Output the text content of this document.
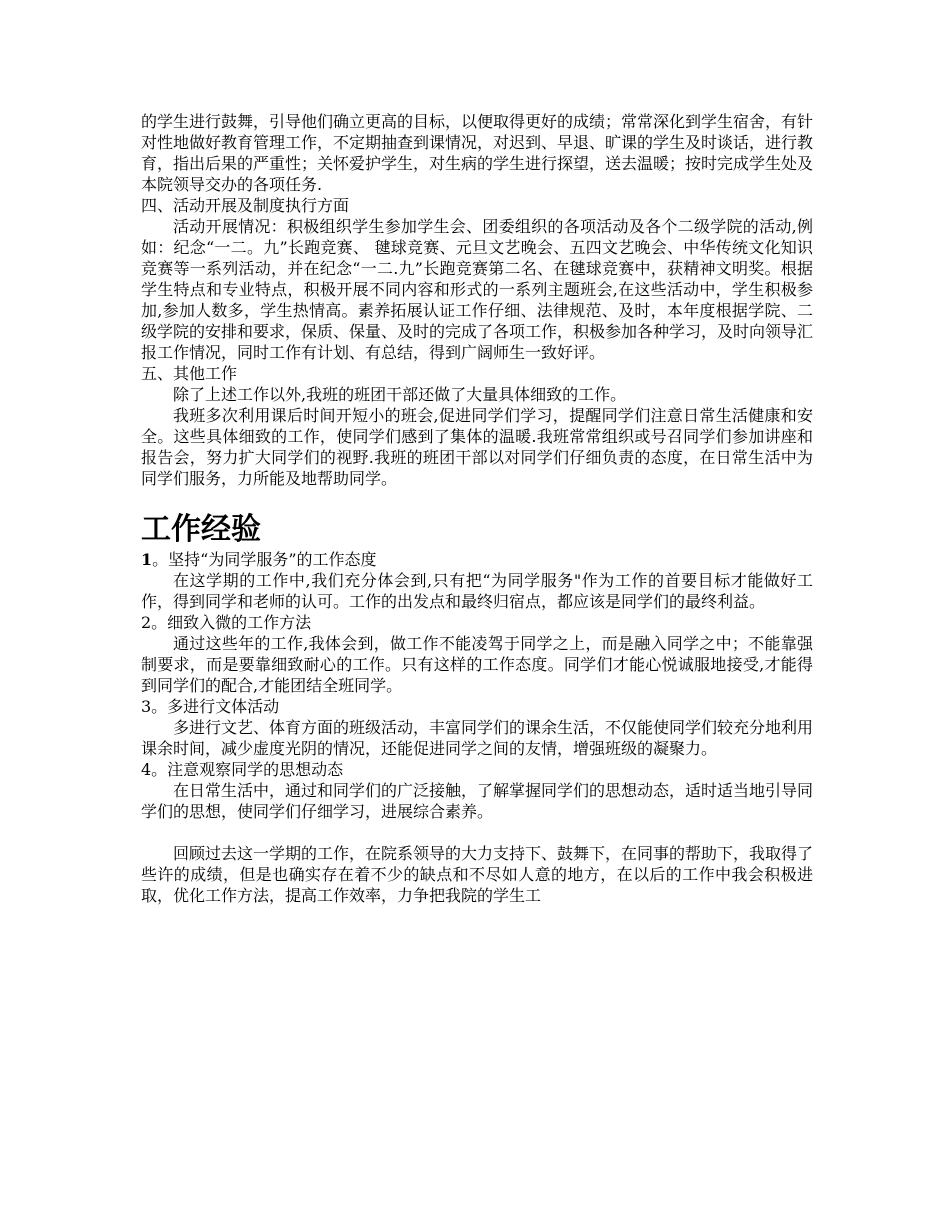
的学生进行鼓舞，引导他们确立更高的目标，以便取得更好的成绩；常常深化到学生宿舍，有针对性地做好教育管理工作，不定期抽查到课情况，对迟到、早退、旷课的学生及时谈话，进行教育，指出后果的严重性；关怀爱护学生，对生病的学生进行探望，送去温暖；按时完成学生处及本院领导交办的各项任务.

四、活动开展及制度执行方面

活动开展情况：积极组织学生参加学生会、团委组织的各项活动及各个二级学院的活动,例如：纪念“一二。九”长跑竞赛、 毽球竞赛、元旦文艺晚会、五四文艺晚会、中华传统文化知识竞赛等一系列活动，并在纪念“一二.九”长跑竞赛第二名、在毽球竞赛中，获精神文明奖。根据学生特点和专业特点，积极开展不同内容和形式的一系列主题班会,在这些活动中，学生积极参加,参加人数多，学生热情高。素养拓展认证工作仔细、法律规范、及时，本年度根据学院、二级学院的安排和要求，保质、保量、及时的完成了各项工作，积极参加各种学习，及时向领导汇报工作情况，同时工作有计划、有总结，得到广阔师生一致好评。

五、其他工作

除了上述工作以外,我班的班团干部还做了大量具体细致的工作。

我班多次利用课后时间开短小的班会,促进同学们学习，提醒同学们注意日常生活健康和安全。这些具体细致的工作，使同学们感到了集体的温暖.我班常常组织或号召同学们参加讲座和报告会，努力扩大同学们的视野.我班的班团干部以对同学们仔细负责的态度，在日常生活中为同学们服务，力所能及地帮助同学。

工作经验

1。坚持“为同学服务”的工作态度

在这学期的工作中,我们充分体会到,只有把“为同学服务"作为工作的首要目标才能做好工作，得到同学和老师的认可。工作的出发点和最终归宿点，都应该是同学们的最终利益。

2。细致入微的工作方法

通过这些年的工作,我体会到，做工作不能凌驾于同学之上，而是融入同学之中；不能靠强制要求，而是要靠细致耐心的工作。只有这样的工作态度。同学们才能心悦诚服地接受,才能得到同学们的配合,才能团结全班同学。

3。多进行文体活动

多进行文艺、体育方面的班级活动，丰富同学们的课余生活，不仅能使同学们较充分地利用课余时间，减少虚度光阴的情况，还能促进同学之间的友情，增强班级的凝聚力。

4。注意观察同学的思想动态

在日常生活中，通过和同学们的广泛接触，了解掌握同学们的思想动态，适时适当地引导同学们的思想，使同学们仔细学习，进展综合素养。

回顾过去这一学期的工作，在院系领导的大力支持下、鼓舞下，在同事的帮助下，我取得了些许的成绩，但是也确实存在着不少的缺点和不尽如人意的地方，在以后的工作中我会积极进取，优化工作方法，提高工作效率，力争把我院的学生工
